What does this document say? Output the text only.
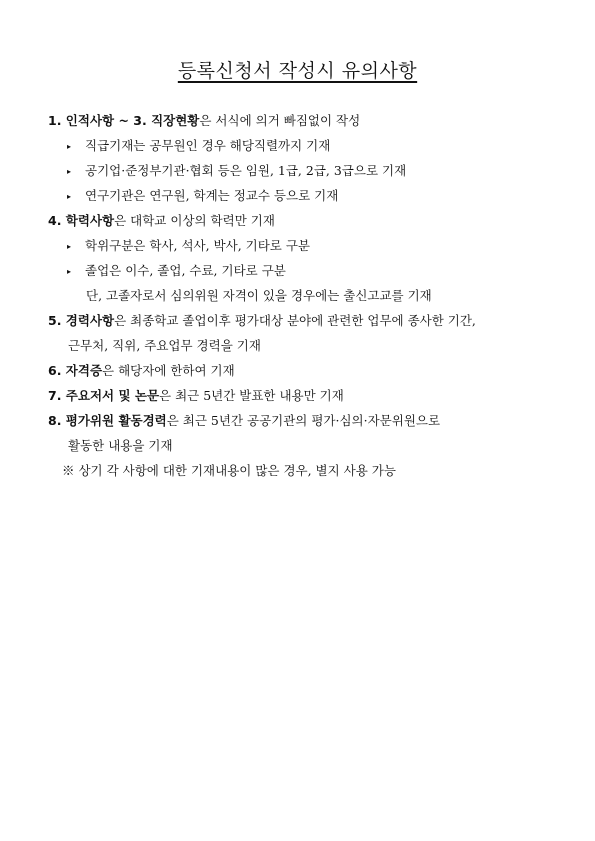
등록신청서 작성시 유의사항
1. 인적사항 ~ 3. 직장현황은 서식에 의거 빠짐없이 작성
▸ 직급기재는 공무원인 경우 해당직렬까지 기재
▸ 공기업·준정부기관·협회 등은 임원, 1급, 2급, 3급으로 기재
▸ 연구기관은 연구원, 학계는 정교수 등으로 기재
4. 학력사항은 대학교 이상의 학력만 기재
▸ 학위구분은 학사, 석사, 박사, 기타로 구분
▸ 졸업은 이수, 졸업, 수료, 기타로 구분
단, 고졸자로서 심의위원 자격이 있을 경우에는 출신고교를 기재
5. 경력사항은 최종학교 졸업이후 평가대상 분야에 관련한 업무에 종사한 기간,
근무처, 직위, 주요업무 경력을 기재
6. 자격증은 해당자에 한하여 기재
7. 주요저서 및 논문은 최근 5년간 발표한 내용만 기재
8. 평가위원 활동경력은 최근 5년간 공공기관의 평가·심의·자문위원으로
활동한 내용을 기재
※ 상기 각 사항에 대한 기재내용이 많은 경우, 별지 사용 가능
